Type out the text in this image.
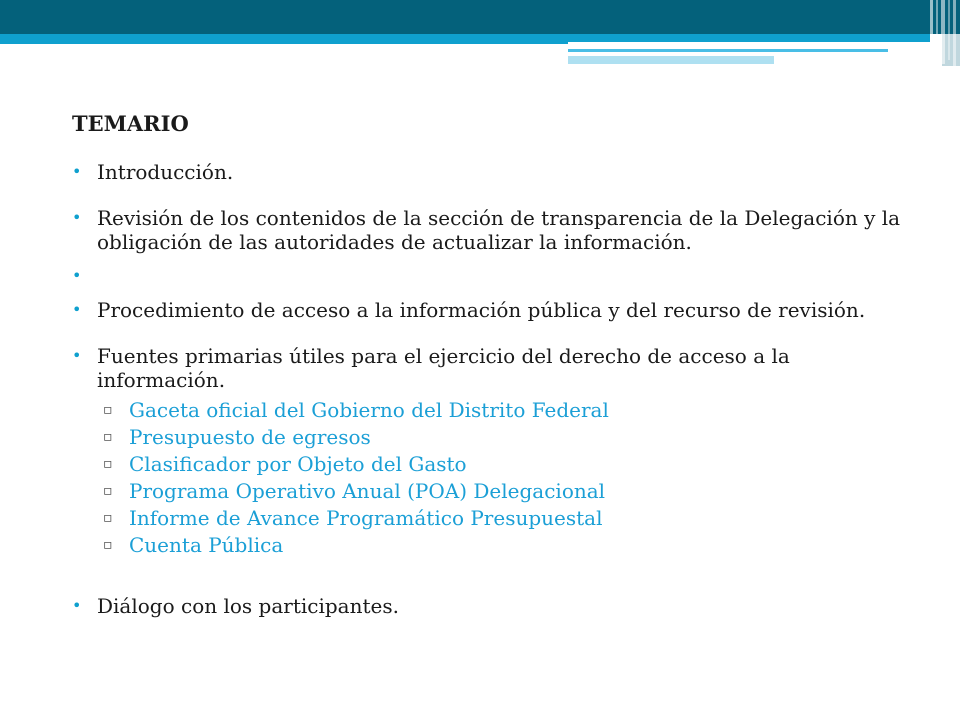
TEMARIO
• Introducción.
• Revisión de los contenidos de la sección de transparencia de la Delegación y la obligación de las autoridades de actualizar la información.
•
• Procedimiento de acceso a la información pública y del recurso de revisión.
• Fuentes primarias útiles para el ejercicio del derecho de acceso a la información.
▫ Gaceta oficial del Gobierno del Distrito Federal
▫ Presupuesto de egresos
▫ Clasificador por Objeto del Gasto
▫ Programa Operativo Anual (POA) Delegacional
▫ Informe de Avance Programático Presupuestal
▫ Cuenta Pública
• Diálogo con los participantes.
